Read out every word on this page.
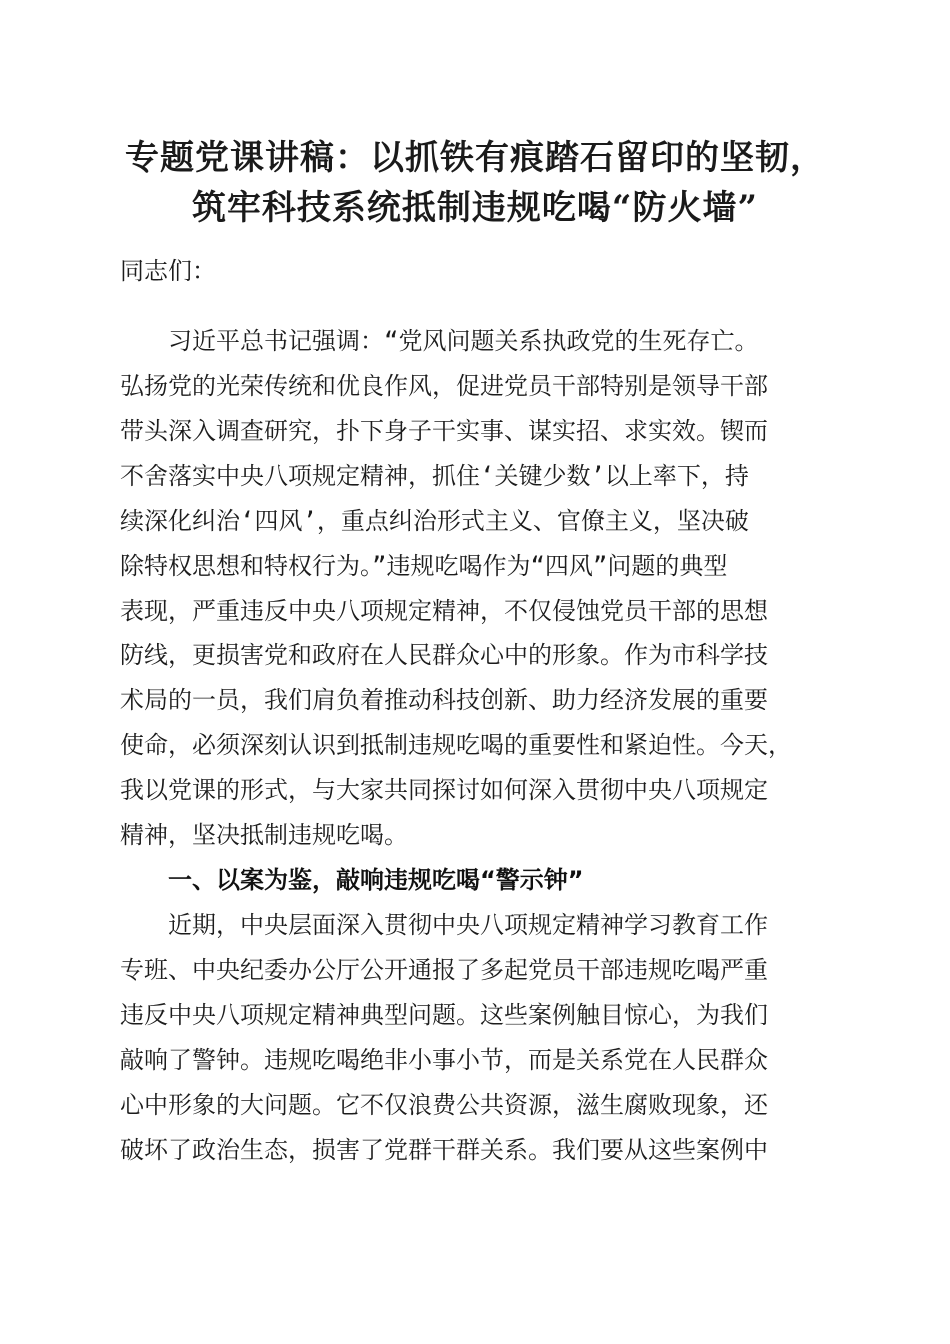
专题党课讲稿：以抓铁有痕踏石留印的坚韧，
筑牢科技系统抵制违规吃喝“防火墙”
同志们：
习近平总书记强调：“党风问题关系执政党的生死存亡。
弘扬党的光荣传统和优良作风，促进党员干部特别是领导干部
带头深入调查研究，扑下身子干实事、谋实招、求实效。锲而
不舍落实中央八项规定精神，抓住‘关键少数’以上率下，持
续深化纠治‘四风’，重点纠治形式主义、官僚主义，坚决破
除特权思想和特权行为。”违规吃喝作为“四风”问题的典型
表现，严重违反中央八项规定精神，不仅侵蚀党员干部的思想
防线，更损害党和政府在人民群众心中的形象。作为市科学技
术局的一员，我们肩负着推动科技创新、助力经济发展的重要
使命，必须深刻认识到抵制违规吃喝的重要性和紧迫性。今天，
我以党课的形式，与大家共同探讨如何深入贯彻中央八项规定
精神，坚决抵制违规吃喝。
一、以案为鉴，敲响违规吃喝“警示钟”
近期，中央层面深入贯彻中央八项规定精神学习教育工作
专班、中央纪委办公厅公开通报了多起党员干部违规吃喝严重
违反中央八项规定精神典型问题。这些案例触目惊心，为我们
敲响了警钟。违规吃喝绝非小事小节，而是关系党在人民群众
心中形象的大问题。它不仅浪费公共资源，滋生腐败现象，还
破坏了政治生态，损害了党群干群关系。我们要从这些案例中
